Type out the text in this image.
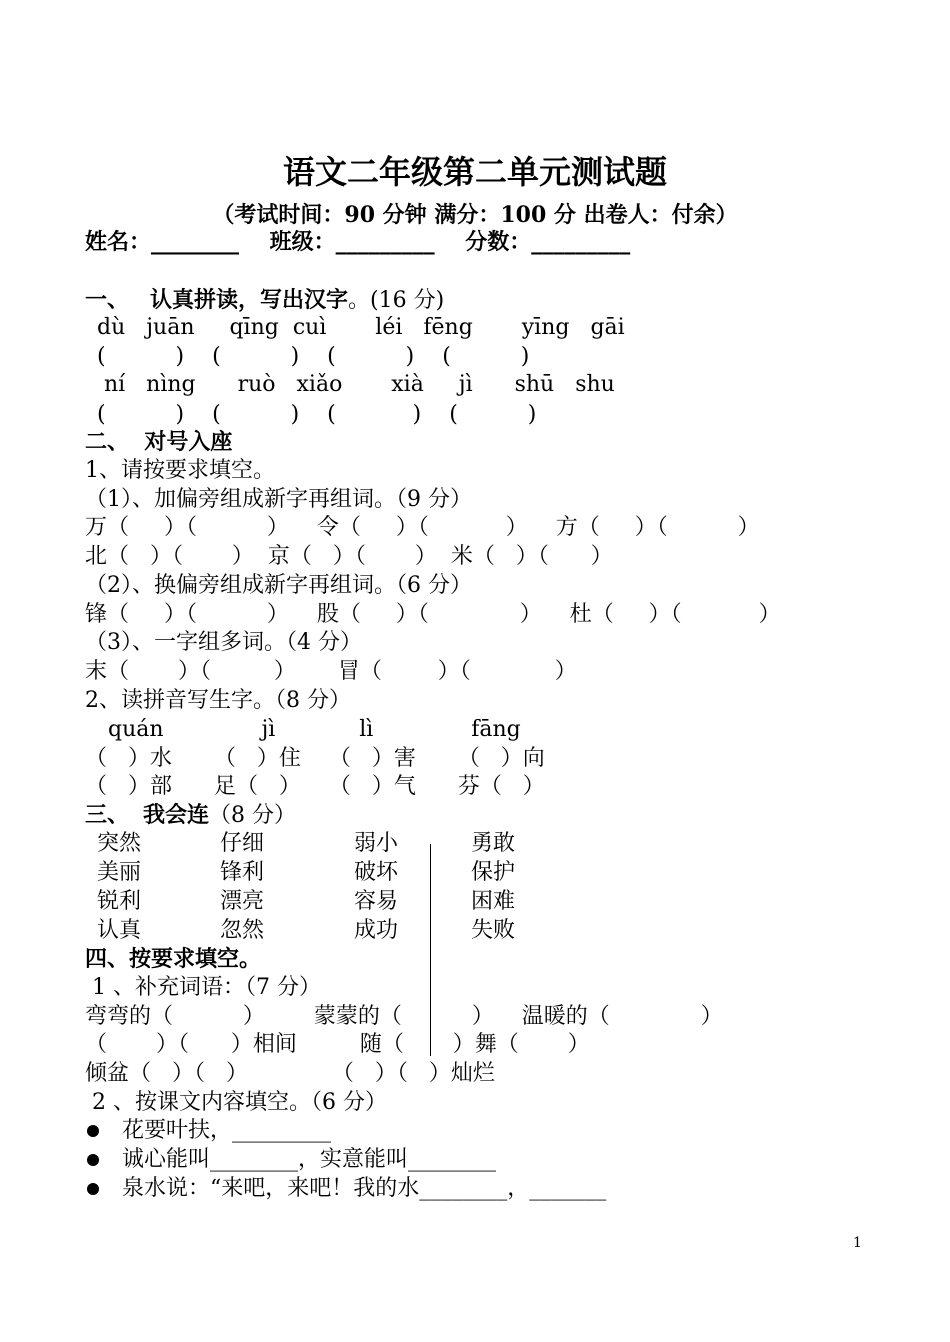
语文二年级第二单元测试题
（考试时间：90 分钟 满分：100 分 出卷人：付余）
姓名：________    班级：_________    分数：_________
一、 认真拼读，写出汉字。(16 分)
dù   juān     qīng  cuì       léi   fēng       yīng   gāi
(          )    (          )    (          )    (          )
ní   nìng      ruò   xiǎo       xià     jì      shū   shu
(          )    (          )    (           )    (          )
二、  对号入座
1、请按要求填空。
（1）、加偏旁组成新字再组词。（9 分）
万（     ）（          ）    令（     ）（           ）    方（     ）（          ）
北（   ）（       ）  京（   ）（       ）  米（   ）（      ）
（2）、换偏旁组成新字再组词。（6 分）
锋（     ）（          ）    股（     ）（             ）    杜（     ）（           ）
（3）、一字组多词。（4 分）
末（       ）（         ）      冒（        ）（            ）
2、读拼音写生字。（8 分）
quán              jì            lì              fāng
（   ）水      （   ）住    （   ）害      （   ）向
（   ）部      足（   ）    （   ）气      芬（   ）
三、 我会连（8 分）
突然
美丽
锐利
认真
仔细
锋利
漂亮
忽然
弱小
破坏
容易
成功
勇敢
保护
困难
失败
四、按要求填空。
1 、补充词语：（7 分）
弯弯的（          ）       蒙蒙的（          ）    温暖的（             ）
（       ）（      ）相间         随（       ）舞（       ）
倾盆（   ）（   ）            （   ）（   ）灿烂
2 、按课文内容填空。（6 分）
花要叶扶，_________
诚心能叫________，实意能叫________
泉水说：“来吧，来吧！我的水________，_______
1
